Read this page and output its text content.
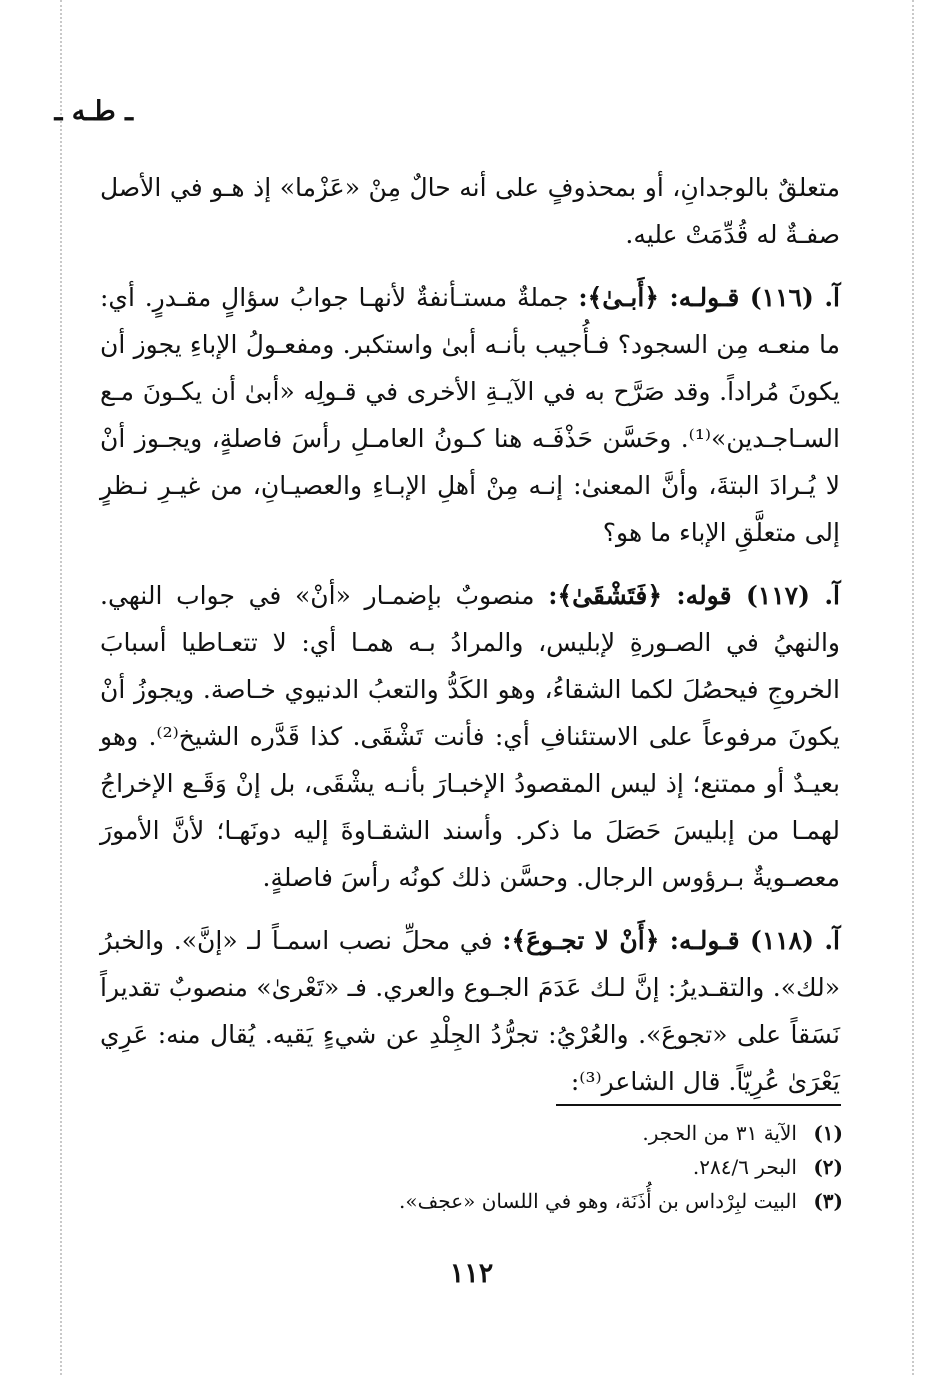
ـ طـه ـ

متعلقٌ بالوجدانِ، أو بمحذوفٍ على أنه حالٌ مِنْ «عَزْما» إذ هـو في الأصل صفـةٌ له قُدِّمَتْ عليه.

آ. (١١٦) قـولـه: ﴿أَبـىٰ﴾: جملةٌ مستـأنفةٌ لأنهـا جوابُ سؤالٍ مقـدرٍ. أي: ما منعـه مِن السجود؟ فـأُجيب بأنـه أبىٰ واستكبر. ومفعـولُ الإباءِ يجوز أن يكونَ مُراداً. وقد صَرَّح به في الآيـةِ الأخرى في قـولِه «أبىٰ أن يكـونَ مـع السـاجـدين»⁽¹⁾. وحَسَّن حَذْفَـه هنا كـونُ العامـلِ رأسَ فاصلةٍ، ويجـوز أنْ لا يُـرادَ البتةَ، وأنَّ المعنىٰ: إنـه مِنْ أهلِ الإبـاءِ والعصيـانِ، من غيـرِ نـظرٍ إلى متعلَّقِ الإباء ما هو؟

آ. (١١٧) قوله: ﴿فَتَشْقَىٰ﴾: منصوبٌ بإضمـار «أنْ» في جواب النهي. والنهيُ في الصـورةِ لإبليس، والمرادُ بـه همـا أي: لا تتعـاطيا أسبابَ الخروجِ فيحصُلَ لكما الشقاءُ، وهو الكَدُّ والتعبُ الدنيوي خـاصة. ويجوزُ أنْ يكونَ مرفوعاً على الاستئنافِ أي: فأنت تَشْقَى. كذا قَدَّره الشيخ⁽²⁾. وهو بعيـدٌ أو ممتنع؛ إذ ليس المقصودُ الإخبـارَ بأنـه يشْقَى، بل إنْ وَقَـع الإخراجُ لهمـا من إبليسَ حَصَلَ ما ذكر. وأسند الشقـاوةَ إليه دونَهـا؛ لأنَّ الأمورَ معصـويةٌ بـرؤوس الرجال. وحسَّن ذلك كونُه رأسَ فاصلةٍ.

آ. (١١٨) قـولـه: ﴿أَنْ لا تجـوعَ﴾: في محلِّ نصب اسمـاً لـ «إنَّ». والخبرُ «لك». والتقـديرُ: إنَّ لـك عَدَمَ الجـوع والعري. فـ «تَعْرىٰ» منصوبٌ تقديراً نَسَقاً على «تجوعَ». والعُرْيُ: تجرُّدُ الجِلْدِ عن شيءٍ يَقيه. يُقال منه: عَرِي يَعْرَىٰ عُرِيّاً. قال الشاعر⁽³⁾:

(١) الآية ٣١ من الحجر.
(٢) البحر ٢٨٤/٦.
(٣) البيت لبِرْداس بن أُذَنَة، وهو في اللسان «عجف».
١١٢
